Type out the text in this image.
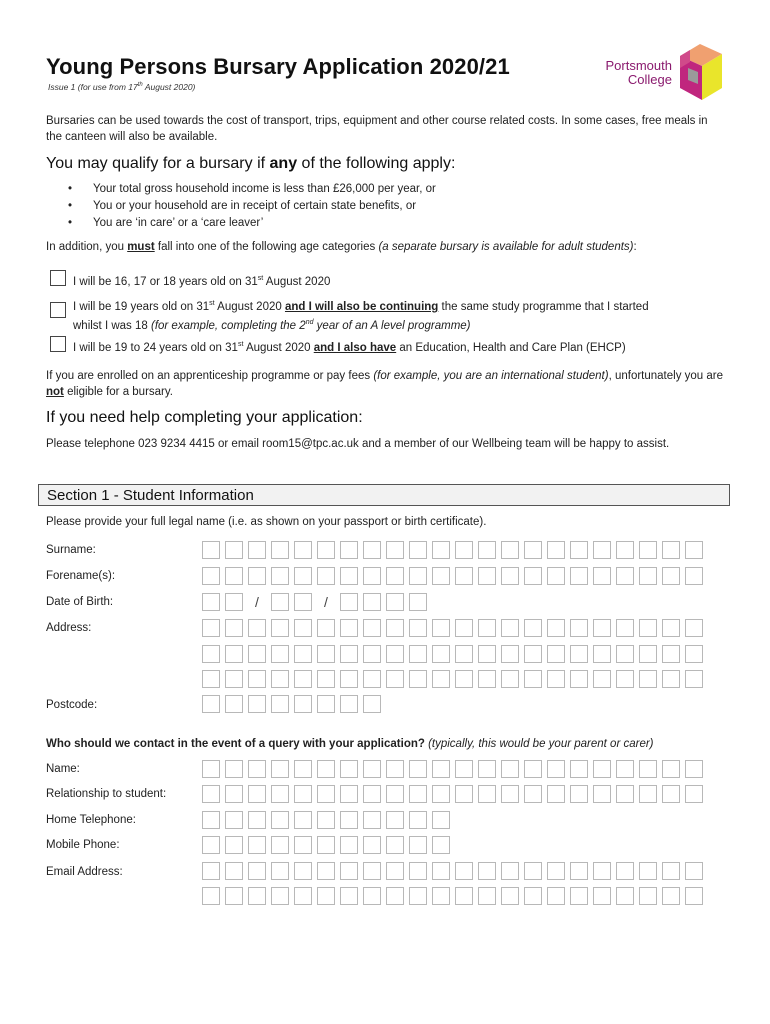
Young Persons Bursary Application 2020/21
Issue 1 (for use from 17th August 2020)
Portsmouth
College
Bursaries can be used towards the cost of transport, trips, equipment and other course related costs. In some cases, free meals in the canteen will also be available.
You may qualify for a bursary if any of the following apply:
• Your total gross household income is less than £26,000 per year, or
• You or your household are in receipt of certain state benefits, or
• You are ‘in care’ or a ‘care leaver’
In addition, you must fall into one of the following age categories (a separate bursary is available for adult students):
I will be 16, 17 or 18 years old on 31st August 2020
I will be 19 years old on 31st August 2020 and I will also be continuing the same study programme that I started
whilst I was 18 (for example, completing the 2nd year of an A level programme)
I will be 19 to 24 years old on 31st August 2020 and I also have an Education, Health and Care Plan (EHCP)
If you are enrolled on an apprenticeship programme or pay fees (for example, you are an international student), unfortunately you are not eligible for a bursary.
If you need help completing your application:
Please telephone 023 9234 4415 or email room15@tpc.ac.uk and a member of our Wellbeing team will be happy to assist.
Section 1 - Student Information
Please provide your full legal name (i.e. as shown on your passport or birth certificate).
Surname:
Forename(s):
Date of Birth:	/	/
Address:
Postcode:
Who should we contact in the event of a query with your application? (typically, this would be your parent or carer)
Name:
Relationship to student:
Home Telephone:
Mobile Phone:
Email Address:
